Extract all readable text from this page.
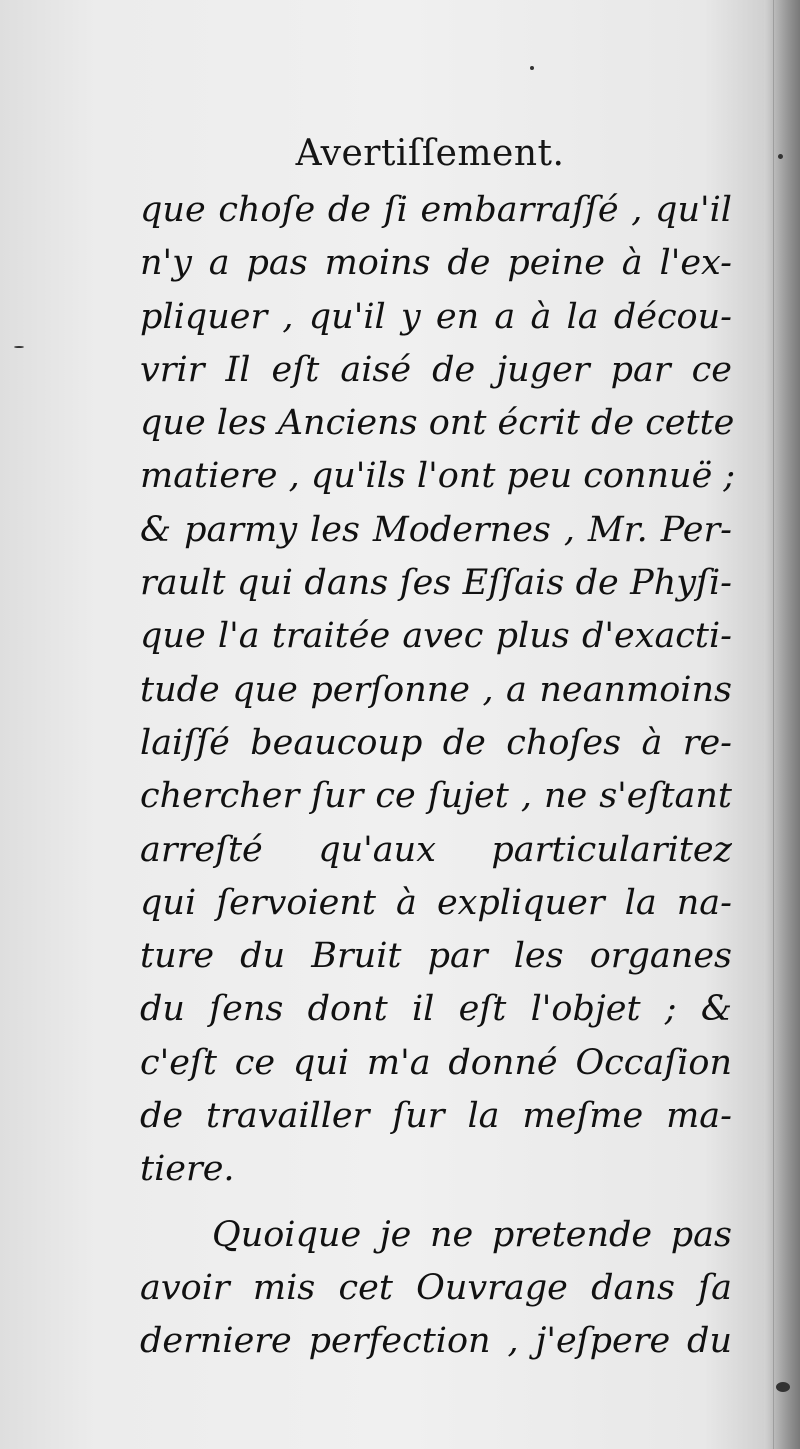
Avertiſſement.
que choſe de ſi embarraſſé , qu'il
n'y a pas moins de peine à l'ex-
pliquer , qu'il y en a à la décou-
vrir Il eſt aisé de juger par ce
que les Anciens ont écrit de cette
matiere , qu'ils l'ont peu connuë ;
& parmy les Modernes , Mr. Per-
rault qui dans ſes Eſſais de Phyſi-
que l'a traitée avec plus d'exacti-
tude que perſonne , a neanmoins
laiſſé beaucoup de choſes à re-
chercher ſur ce ſujet , ne s'eſtant
arreſté qu'aux particularitez
qui ſervoient à expliquer la na-
ture du Bruit par les organes
du ſens dont il eſt l'objet ; &
c'eſt ce qui m'a donné Occaſion
de travailler ſur la meſme ma-
tiere.
Quoique je ne pretende pas
avoir mis cet Ouvrage dans ſa
derniere perfection , j'eſpere du
